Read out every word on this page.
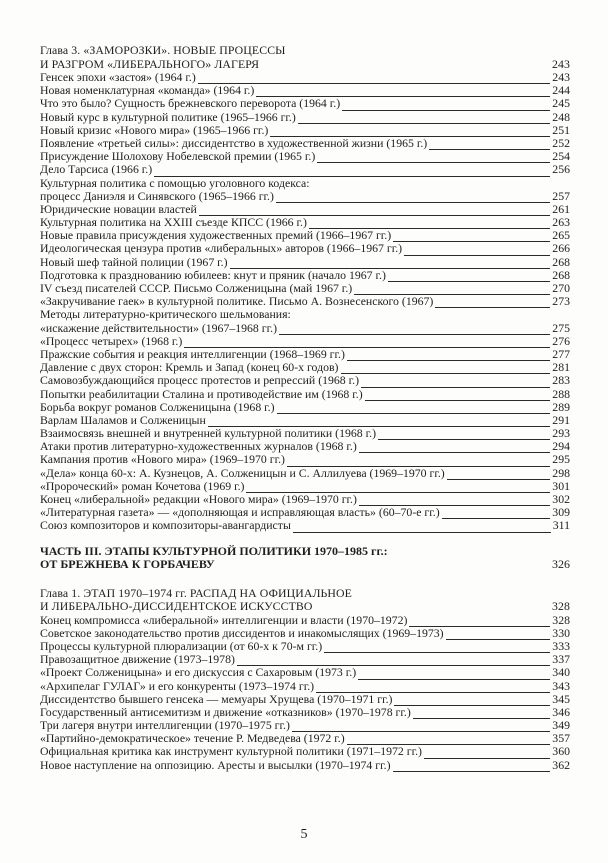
Глава 3. «ЗАМОРОЗКИ». НОВЫЕ ПРОЦЕССЫ
И РАЗГРОМ «ЛИБЕРАЛЬНОГО» ЛАГЕРЯ	243
Генсек эпохи «застоя» (1964 г.)	243
Новая номенклатурная «команда» (1964 г.)	244
Что это было? Сущность брежневского переворота (1964 г.)	245
Новый курс в культурной политике (1965–1966 гг.)	248
Новый кризис «Нового мира» (1965–1966 гг.)	251
Появление «третьей силы»: диссидентство в художественной жизни (1965 г.)	252
Присуждение Шолохову Нобелевской премии (1965 г.)	254
Дело Тарсиса (1966 г.)	256
Культурная политика с помощью уголовного кодекса:
процесс Даниэля и Синявского (1965–1966 гг.)	257
Юридические новации властей	261
Культурная политика на XXIII съезде КПСС (1966 г.)	263
Новые правила присуждения художественных премий (1966–1967 гг.)	265
Идеологическая цензура против «либеральных» авторов (1966–1967 гг.)	266
Новый шеф тайной полиции (1967 г.)	268
Подготовка к празднованию юбилеев: кнут и пряник (начало 1967 г.)	268
IV съезд писателей СССР. Письмо Солженицына (май 1967 г.)	270
«Закручивание гаек» в культурной политике. Письмо А. Вознесенского (1967)	273
Методы литературно-критического шельмования:
«искажение действительности» (1967–1968 гг.)	275
«Процесс четырех» (1968 г.)	276
Пражские события и реакция интеллигенции (1968–1969 гг.)	277
Давление с двух сторон: Кремль и Запад (конец 60-х годов)	281
Самовозбуждающийся процесс протестов и репрессий (1968 г.)	283
Попытки реабилитации Сталина и противодействие им (1968 г.)	288
Борьба вокруг романов Солженицына (1968 г.)	289
Варлам Шаламов и Солженицын	291
Взаимосвязь внешней и внутренней культурной политики (1968 г.)	293
Атаки против литературно-художественных журналов (1968 г.)	294
Кампания против «Нового мира» (1969–1970 гг.)	295
«Дела» конца 60-х: А. Кузнецов, А. Солженицын и С. Аллилуева (1969–1970 гг.)	298
«Пророческий» роман Кочетова (1969 г.)	301
Конец «либеральной» редакции «Нового мира» (1969–1970 гг.)	302
«Литературная газета» — «дополняющая и исправляющая власть» (60–70-е гг.)	309
Союз композиторов и композиторы-авангардисты	311
ЧАСТЬ III. ЭТАПЫ КУЛЬТУРНОЙ ПОЛИТИКИ 1970–1985 гг.:
ОТ БРЕЖНЕВА К ГОРБАЧЕВУ	326
Глава 1. ЭТАП 1970–1974 гг. РАСПАД НА ОФИЦИАЛЬНОЕ
И ЛИБЕРАЛЬНО-ДИССИДЕНТСКОЕ ИСКУССТВО	328
Конец компромисса «либеральной» интеллигенции и власти (1970–1972)	328
Советское законодательство против диссидентов и инакомыслящих (1969–1973)	330
Процессы культурной плюрализации (от 60-х к 70-м гг.)	333
Правозащитное движение (1973–1978)	337
«Проект Солженицына» и его дискуссия с Сахаровым (1973 г.)	340
«Архипелаг ГУЛАГ» и его конкуренты (1973–1974 гг.)	343
Диссидентство бывшего генсека — мемуары Хрущева (1970–1971 гг.)	345
Государственный антисемитизм и движение «отказников» (1970–1978 гг.)	346
Три лагеря внутри интеллигенции (1970–1975 гг.)	349
«Партийно-демократическое» течение Р. Медведева (1972 г.)	357
Официальная критика как инструмент культурной политики (1971–1972 гг.)	360
Новое наступление на оппозицию. Аресты и высылки (1970–1974 гг.)	362
5
